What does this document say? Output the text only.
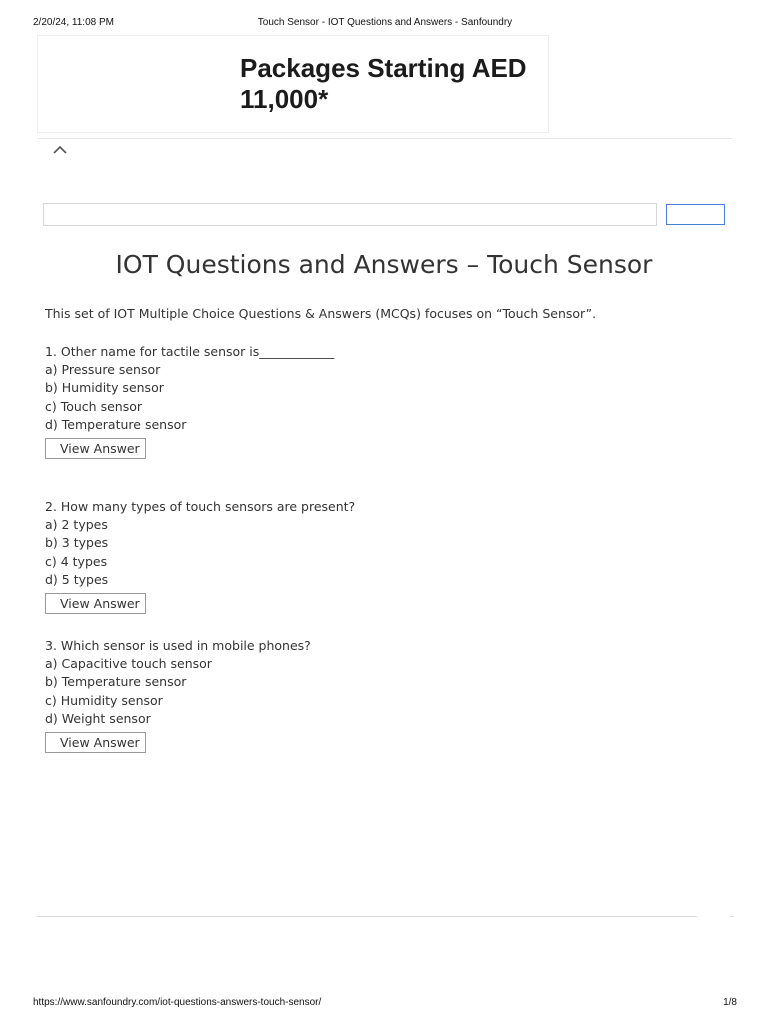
2/20/24, 11:08 PM	Touch Sensor - IOT Questions and Answers - Sanfoundry
Packages Starting AED
11,000*
IOT Questions and Answers – Touch Sensor
This set of IOT Multiple Choice Questions & Answers (MCQs) focuses on “Touch Sensor”.

1. Other name for tactile sensor is____________

a) Pressure sensor

b) Humidity sensor

c) Touch sensor

d) Temperature sensor

View Answer

2. How many types of touch sensors are present?

a) 2 types

b) 3 types

c) 4 types

d) 5 types

View Answer

3. Which sensor is used in mobile phones?

a) Capacitive touch sensor

b) Temperature sensor

c) Humidity sensor

d) Weight sensor

View Answer
https://www.sanfoundry.com/iot-questions-answers-touch-sensor/	1/8
